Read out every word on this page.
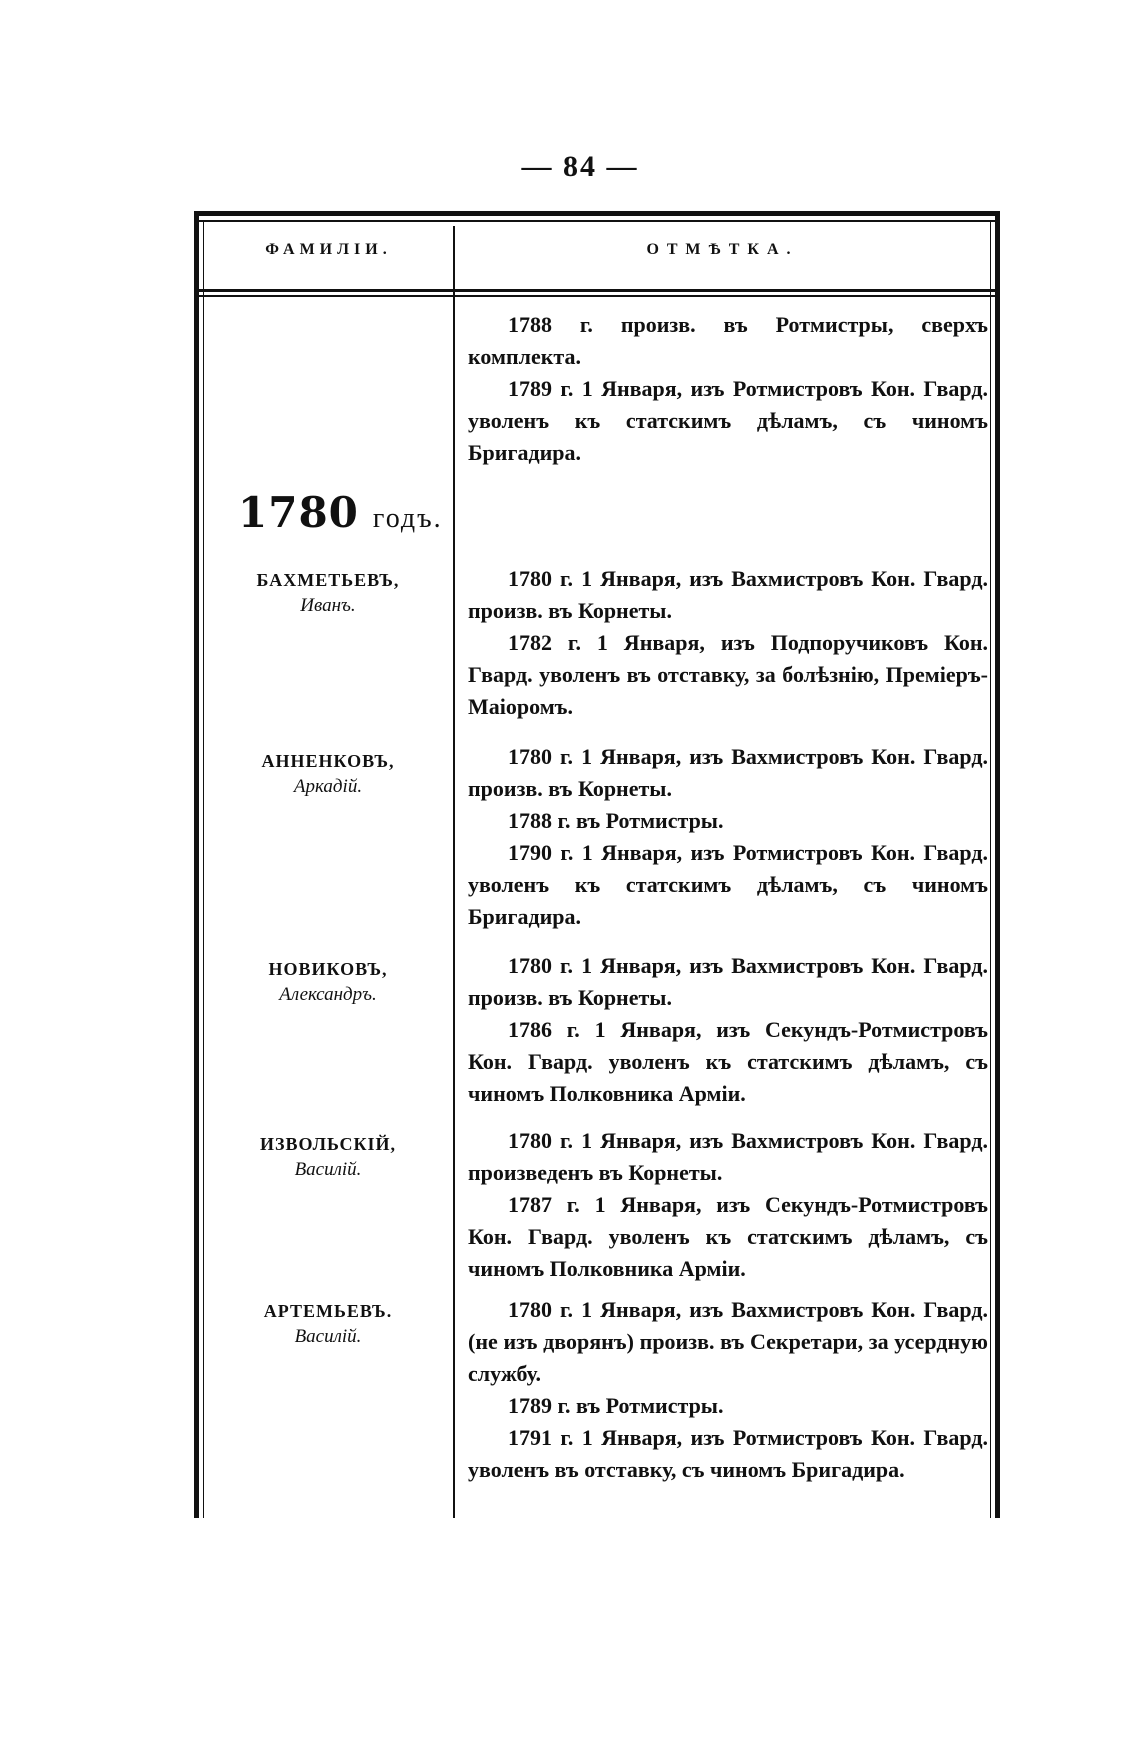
— 84 —
ФАМИЛІИ.	ОТМѢТКА.

1788 г. произв. въ Ротмистры, сверхъ комплекта.

1789 г. 1 Января, изъ Ротмистровъ Кон. Гвард. уволенъ къ статскимъ дѣламъ, съ чиномъ Бригадира.

1780 годъ.
БАХМЕТЬЕВЪ,
Иванъ.

1780 г. 1 Января, изъ Вахмистровъ Кон. Гвард. произв. въ Корнеты.

1782 г. 1 Января, изъ Подпоручиковъ Кон. Гвард. уволенъ въ отставку, за болѣзнію, Преміеръ-Маіоромъ.

АННЕНКОВЪ,
Аркадій.

1780 г. 1 Января, изъ Вахмистровъ Кон. Гвард. произв. въ Корнеты.

1788 г. въ Ротмистры.

1790 г. 1 Января, изъ Ротмистровъ Кон. Гвард. уволенъ къ статскимъ дѣламъ, съ чиномъ Бригадира.

НОВИКОВЪ,
Александръ.

1780 г. 1 Января, изъ Вахмистровъ Кон. Гвард. произв. въ Корнеты.

1786 г. 1 Января, изъ Секундъ-Ротмистровъ Кон. Гвард. уволенъ къ статскимъ дѣламъ, съ чиномъ Полковника Арміи.

ИЗВОЛЬСКІЙ,
Василій.

1780 г. 1 Января, изъ Вахмистровъ Кон. Гвард. произведенъ въ Корнеты.

1787 г. 1 Января, изъ Секундъ-Ротмистровъ Кон. Гвард. уволенъ къ статскимъ дѣламъ, съ чиномъ Полковника Арміи.

АРТЕМЬЕВЪ.
Василій.

1780 г. 1 Января, изъ Вахмистровъ Кон. Гвард. (не изъ дворянъ) произв. въ Секретари, за усердную службу.

1789 г. въ Ротмистры.

1791 г. 1 Января, изъ Ротмистровъ Кон. Гвард. уволенъ въ отставку, съ чиномъ Бригадира.
